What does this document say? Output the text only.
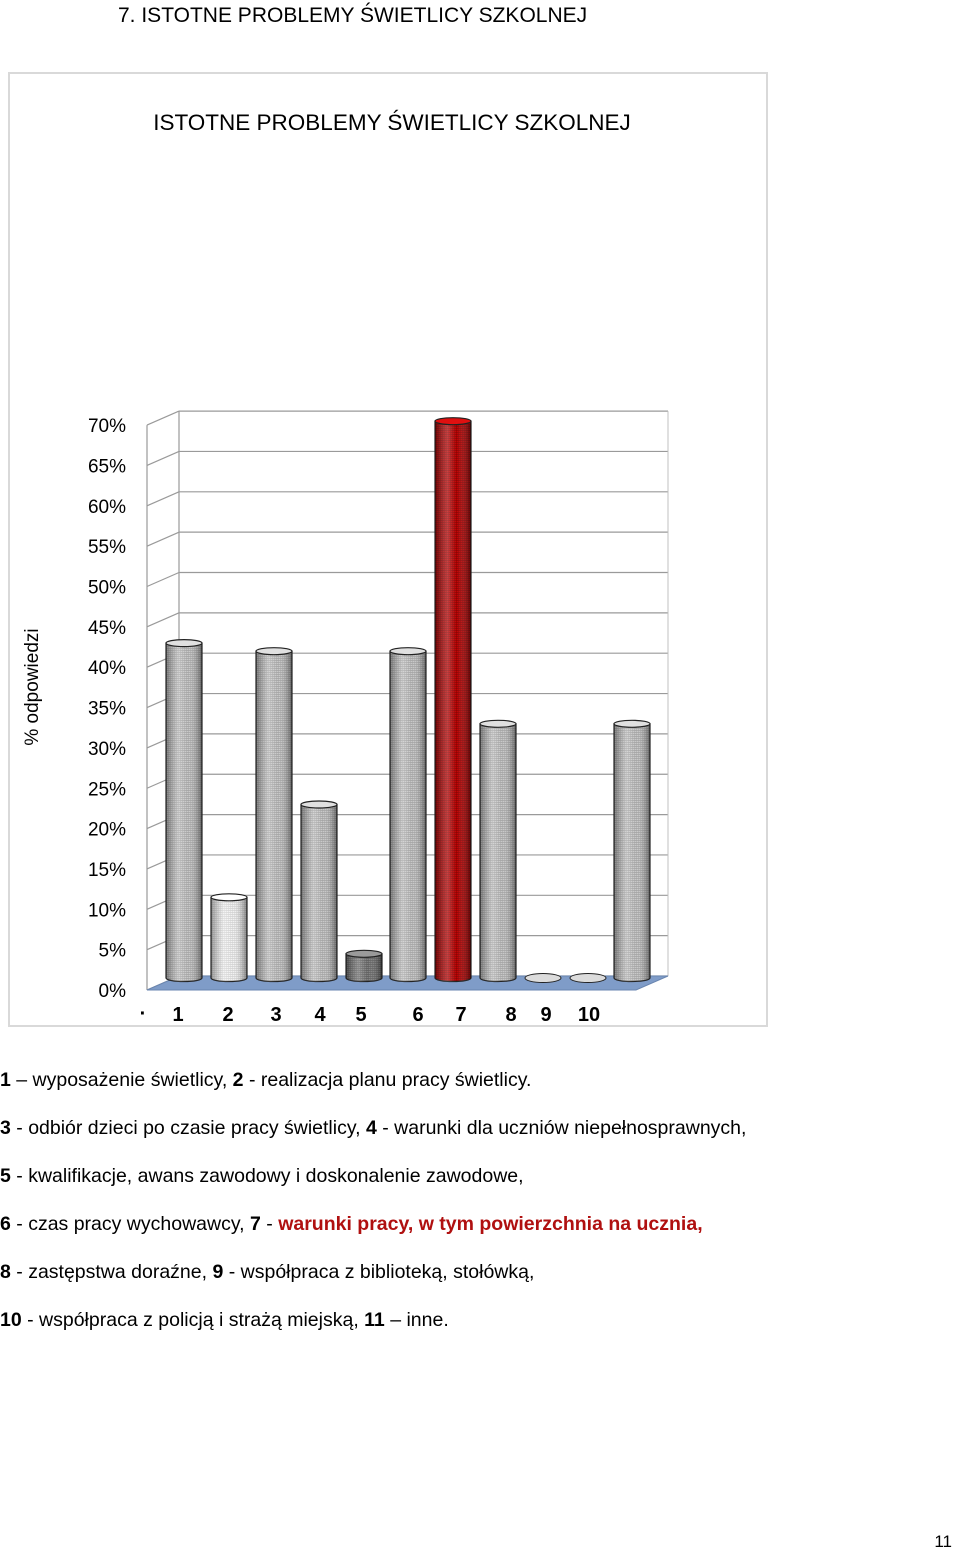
7. ISTOTNE PROBLEMY ŚWIETLICY SZKOLNEJ
0%
5%
10%
15%
20%
25%
30%
35%
40%
45%
50%
55%
60%
65%
70%
% odpowiedzi
ISTOTNE PROBLEMY ŚWIETLICY SZKOLNEJ
· 1 2 3 4 5 6 7 8 9 10
1 – wyposażenie świetlicy, 2 - realizacja planu pracy świetlicy.
3 - odbiór dzieci po czasie pracy świetlicy, 4 - warunki dla uczniów niepełnosprawnych,
5 - kwalifikacje, awans zawodowy i doskonalenie zawodowe,
6 - czas pracy wychowawcy, 7 - warunki pracy, w tym powierzchnia na ucznia,
8 - zastępstwa doraźne, 9 - współpraca z biblioteką, stołówką,
10 - współpraca z policją i strażą miejską, 11 – inne.
11
